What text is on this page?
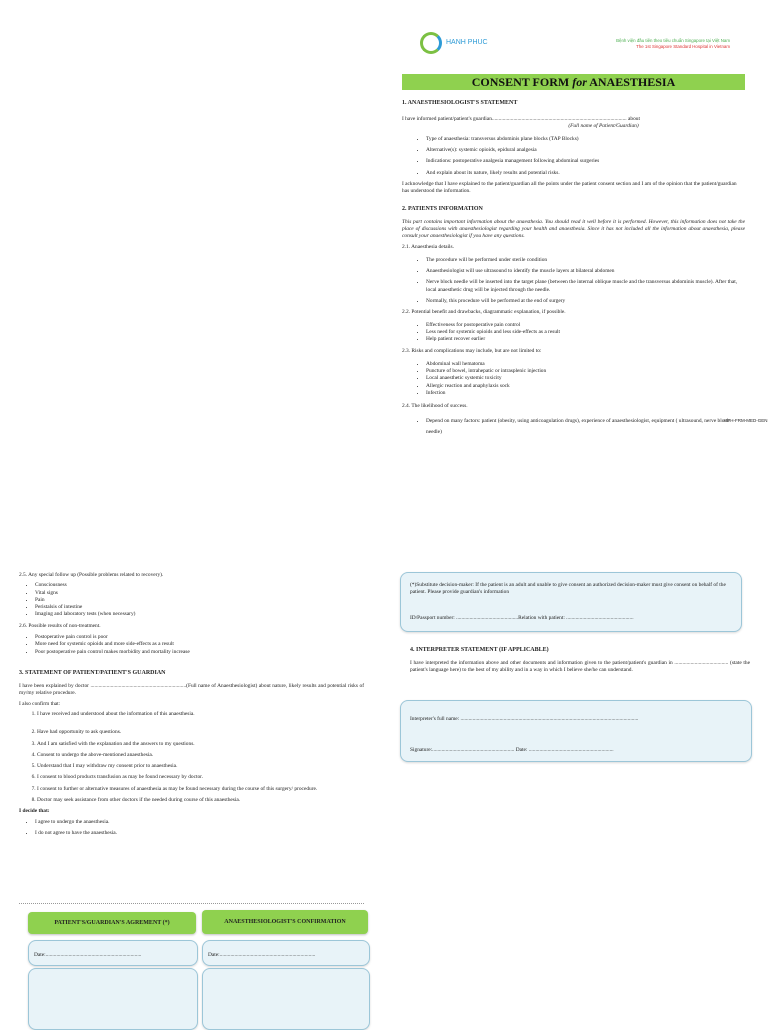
HANH PHUC	Bệnh viện đầu tiên theo tiêu chuẩn Singapore tại Việt Nam
The 1st Singapore Standard Hospital in Vietnam
CONSENT FORM for ANAESTHESIA
1. ANAESTHESIOLOGIST'S STATEMENT
I have informed patient/patient's guardian.................................................................................................... about
(Full name of Patient/Guardian)
• Type of anaesthesia: transversus abdominis plane blocks (TAP Blocks)
• Alternative(s): systemic opioids, epidural analgesia
• Indications: postoperative analgesia management following abdominal surgeries
• And explain about its nature, likely results and potential risks.
I acknowledge that I have explained to the patient/guardian all the points under the patient consent section and I am of the opinion that the patient/guardian has understood the information.
2. PATIENTS INFORMATION
This part contains important information about the anaesthesia. You should read it well before it is performed. However, this information does not take the place of discussions with anaesthesiologist regarding your health and anaesthesia. Since it has not included all the information about anaesthesia, please consult your anaesthesiologist if you have any questions.
2.1. Anaesthesia details.
• The procedure will be performed under sterile condition
• Anaesthesiologist will use ultrasound to identify the muscle layers at bilateral abdomen
• Nerve block needle will be inserted into the target plane (between the internal oblique muscle and the transversus abdominis muscle). After that, local anaesthetic drug will be injected through the needle.
• Normally, this procedure will be performed at the end of surgery
2.2. Potential benefit and drawbacks, diagrammatic explanation, if possible.
• Effectiveness for postoperative pain control
• Less need for systemic opioids and less side-effects as a result
• Help patient recover earlier
2.3. Risks and complications may include, but are not limited to:
• Abdominal wall hematoma
• Puncture of bowel, intrahepatic or intrasplenic injection
• Local anaesthetic systemic toxicity
• Allergic reaction and anaphylaxis sock
• Infection
2.4. The likelihood of success.
• Depend on many factors: patient (obesity, using anticoagulation drugs), experience of anaesthesiologist, equipment ( ultrasound, nerve block needle)
HPH-FRM-MED-GEN
2.5. Any special follow up (Possible problems related to recovery).
• Consciousness
• Vital signs
• Pain
• Peristalsis of intestine
• Imaging and laboratory tests (when necessary)
2.6. Possible results of non-treatment.
• Postoperative pain control is poor
• More need for systemic opioids and more side-effects as a result
• Poor postoperative pain control makes morbidity and mortality increase
3. STATEMENT OF PATIENT/PATIENT'S GUARDIAN
I have been explained by doctor .......................................................................(Full name of Anaesthesiologist) about nature, likely results and potential risks of my/my relative procedure.
I also confirm that:
1. I have received and understood about the information of this anaesthesia.
2. Have had opportunity to ask questions.
3. And I am satisfied with the explanation and the answers to my questions.
4. Consent to undergo the above-mentioned anaesthesia.
5. Understand that I may withdraw my consent prior to anaesthesia.
6. I consent to blood products transfusion as may be found necessary by doctor.
7. I consent to further or alternative measures of anaesthesia as may be found necessary during the course of this surgery/ procedure.
8. Doctor may seek assistance from other doctors if the needed during course of this anaesthesia.
I decide that:
• I agree to undergo the anaesthesia.
• I do not agree to have the anaesthesia.
PATIENT'S/GUARDIAN'S AGREMENT (*)	ANAESTHESIOLOGIST'S CONFIRMATION
Date:.......................................................................	Date:.......................................................................
(*)Substitute decision-maker: If the patient is an adult and unable to give consent an authorized decision-maker must give consent on behalf of the patient. Please provide guardian's information
ID/Passport number: ..............................................Relation with patient: ..................................................
4. INTERPRETER STATEMENT (IF APPLICABLE)
I have interpreted the information above and other documents and information given to the patient/patient's guardian in ........................................ (state the patient's language here) to the best of my ability and in a way in which I believe she/he can understand.
Interpreter's full name: ....................................................................................................................................
Signature:............................................................. Date: ...............................................................
